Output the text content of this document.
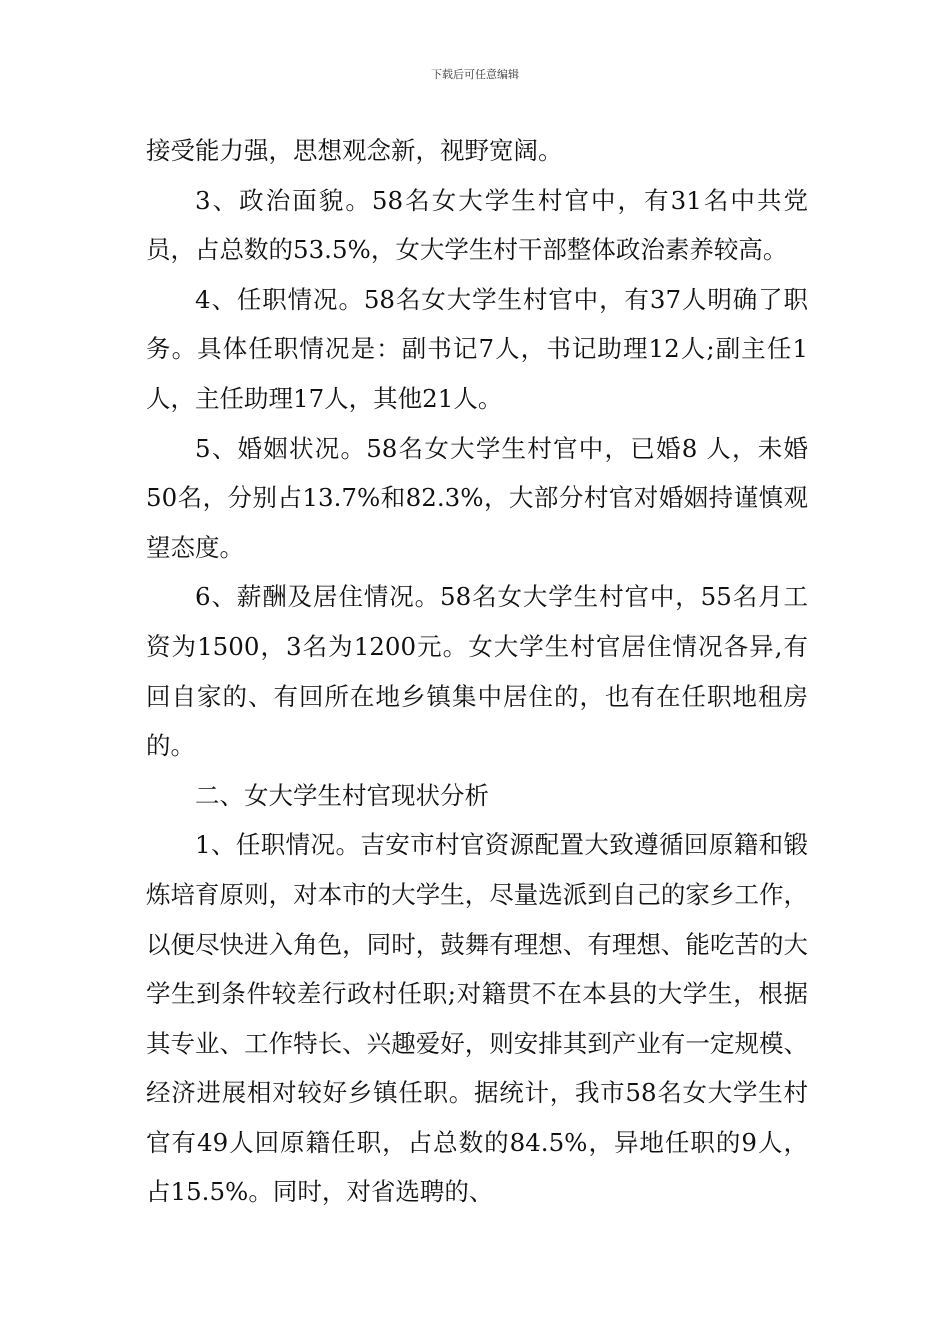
下载后可任意编辑

接受能力强，思想观念新，视野宽阔。

3、政治面貌。58名女大学生村官中，有31名中共党员，占总数的53.5%，女大学生村干部整体政治素养较高。

4、任职情况。58名女大学生村官中，有37人明确了职务。具体任职情况是：副书记7人，书记助理12人;副主任1人，主任助理17人，其他21人。

5、婚姻状况。58名女大学生村官中，已婚8 人，未婚50名，分别占13.7%和82.3%，大部分村官对婚姻持谨慎观望态度。

6、薪酬及居住情况。58名女大学生村官中，55名月工资为1500，3名为1200元。女大学生村官居住情况各异,有回自家的、有回所在地乡镇集中居住的，也有在任职地租房的。

二、女大学生村官现状分析

1、任职情况。吉安市村官资源配置大致遵循回原籍和锻炼培育原则，对本市的大学生，尽量选派到自己的家乡工作，以便尽快进入角色，同时，鼓舞有理想、有理想、能吃苦的大学生到条件较差行政村任职;对籍贯不在本县的大学生，根据其专业、工作特长、兴趣爱好，则安排其到产业有一定规模、经济进展相对较好乡镇任职。据统计，我市58名女大学生村官有49人回原籍任职，占总数的84.5%，异地任职的9人，占15.5%。同时，对省选聘的、
